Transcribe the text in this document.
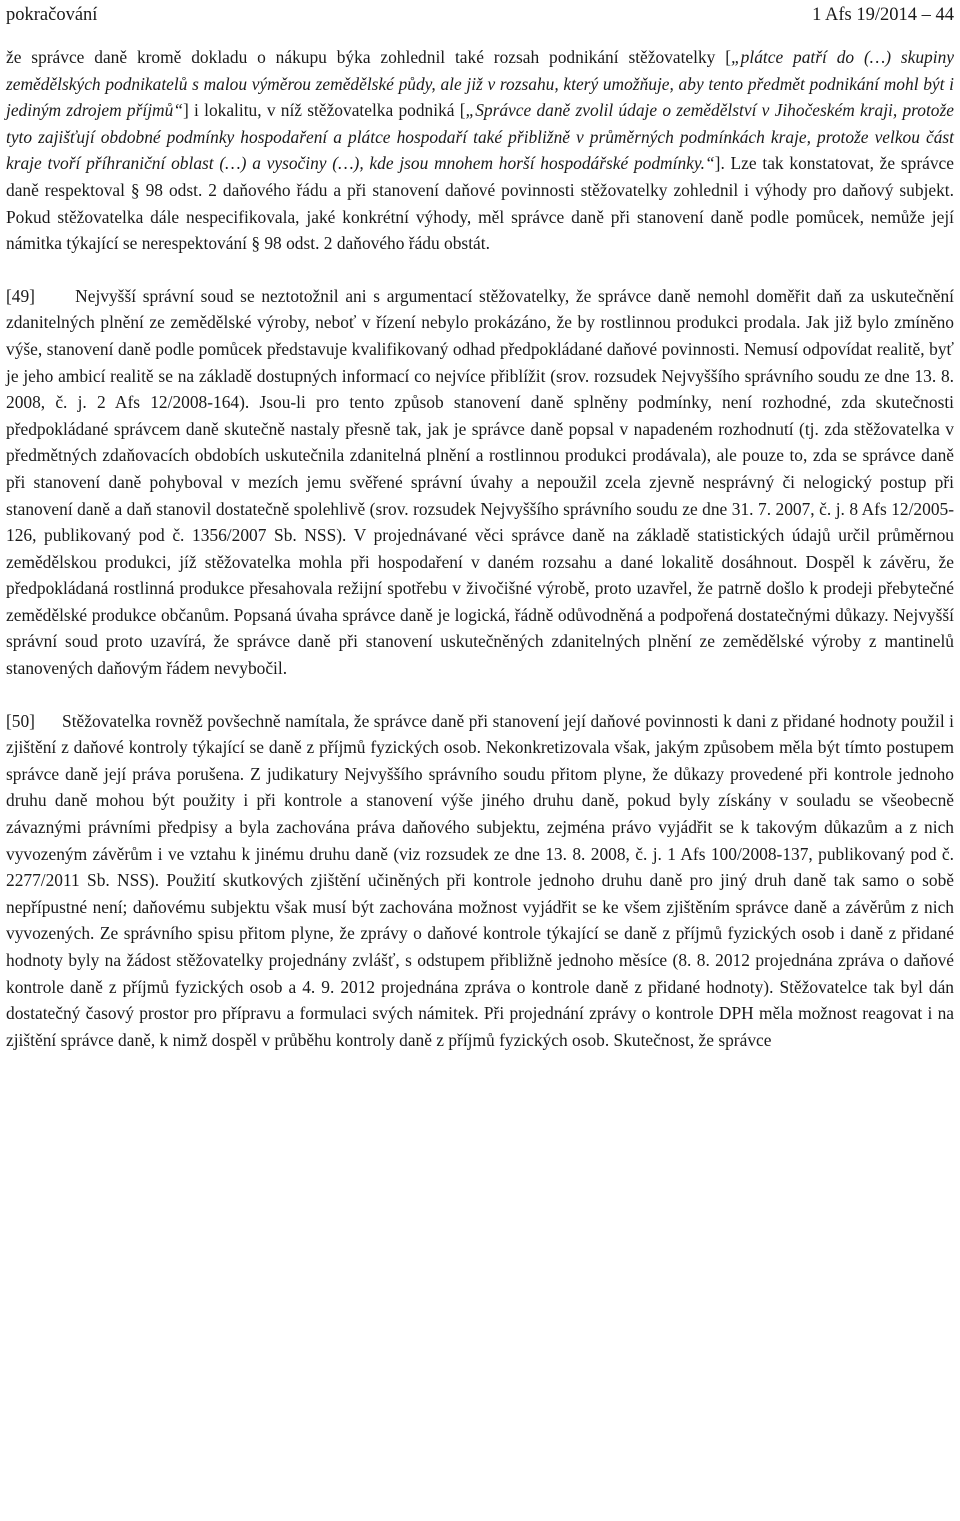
pokračování	1 Afs 19/2014 – 44

že správce daně kromě dokladu o nákupu býka zohlednil také rozsah podnikání stěžovatelky [„plátce patří do (…) skupiny zemědělských podnikatelů s malou výměrou zemědělské půdy, ale již v rozsahu, který umožňuje, aby tento předmět podnikání mohl být i jediným zdrojem příjmů“] i lokalitu, v níž stěžovatelka podniká [„Správce daně zvolil údaje o zemědělství v Jihočeském kraji, protože tyto zajišťují obdobné podmínky hospodaření a plátce hospodaří také přibližně v průměrných podmínkách kraje, protože velkou část kraje tvoří příhraniční oblast (…) a vysočiny (…), kde jsou mnohem horší hospodářské podmínky.“]. Lze tak konstatovat, že správce daně respektoval § 98 odst. 2 daňového řádu a při stanovení daňové povinnosti stěžovatelky zohlednil i výhody pro daňový subjekt. Pokud stěžovatelka dále nespecifikovala, jaké konkrétní výhody, měl správce daně při stanovení daně podle pomůcek, nemůže její námitka týkající se nerespektování § 98 odst. 2 daňového řádu obstát.

[49] Nejvyšší správní soud se neztotožnil ani s argumentací stěžovatelky, že správce daně nemohl doměřit daň za uskutečnění zdanitelných plnění ze zemědělské výroby, neboť v řízení nebylo prokázáno, že by rostlinnou produkci prodala. Jak již bylo zmíněno výše, stanovení daně podle pomůcek představuje kvalifikovaný odhad předpokládané daňové povinnosti. Nemusí odpovídat realitě, byť je jeho ambicí realitě se na základě dostupných informací co nejvíce přiblížit (srov. rozsudek Nejvyššího správního soudu ze dne 13. 8. 2008, č. j. 2 Afs 12/2008-164). Jsou-li pro tento způsob stanovení daně splněny podmínky, není rozhodné, zda skutečnosti předpokládané správcem daně skutečně nastaly přesně tak, jak je správce daně popsal v napadeném rozhodnutí (tj. zda stěžovatelka v předmětných zdaňovacích obdobích uskutečnila zdanitelná plnění a rostlinnou produkci prodávala), ale pouze to, zda se správce daně při stanovení daně pohyboval v mezích jemu svěřené správní úvahy a nepoužil zcela zjevně nesprávný či nelogický postup při stanovení daně a daň stanovil dostatečně spolehlivě (srov. rozsudek Nejvyššího správního soudu ze dne 31. 7. 2007, č. j. 8 Afs 12/2005-126, publikovaný pod č. 1356/2007 Sb. NSS). V projednávané věci správce daně na základě statistických údajů určil průměrnou zemědělskou produkci, jíž stěžovatelka mohla při hospodaření v daném rozsahu a dané lokalitě dosáhnout. Dospěl k závěru, že předpokládaná rostlinná produkce přesahovala režijní spotřebu v živočišné výrobě, proto uzavřel, že patrně došlo k prodeji přebytečné zemědělské produkce občanům. Popsaná úvaha správce daně je logická, řádně odůvodněná a podpořená dostatečnými důkazy. Nejvyšší správní soud proto uzavírá, že správce daně při stanovení uskutečněných zdanitelných plnění ze zemědělské výroby z mantinelů stanovených daňovým řádem nevybočil.

[50] Stěžovatelka rovněž povšechně namítala, že správce daně při stanovení její daňové povinnosti k dani z přidané hodnoty použil i zjištění z daňové kontroly týkající se daně z příjmů fyzických osob. Nekonkretizovala však, jakým způsobem měla být tímto postupem správce daně její práva porušena. Z judikatury Nejvyššího správního soudu přitom plyne, že důkazy provedené při kontrole jednoho druhu daně mohou být použity i při kontrole a stanovení výše jiného druhu daně, pokud byly získány v souladu se všeobecně závaznými právními předpisy a byla zachována práva daňového subjektu, zejména právo vyjádřit se k takovým důkazům a z nich vyvozeným závěrům i ve vztahu k jinému druhu daně (viz rozsudek ze dne 13. 8. 2008, č. j. 1 Afs 100/2008-137, publikovaný pod č. 2277/2011 Sb. NSS). Použití skutkových zjištění učiněných při kontrole jednoho druhu daně pro jiný druh daně tak samo o sobě nepřípustné není; daňovému subjektu však musí být zachována možnost vyjádřit se ke všem zjištěním správce daně a závěrům z nich vyvozených. Ze správního spisu přitom plyne, že zprávy o daňové kontrole týkající se daně z příjmů fyzických osob i daně z přidané hodnoty byly na žádost stěžovatelky projednány zvlášť, s odstupem přibližně jednoho měsíce (8. 8. 2012 projednána zpráva o daňové kontrole daně z příjmů fyzických osob a 4. 9. 2012 projednána zpráva o kontrole daně z přidané hodnoty). Stěžovatelce tak byl dán dostatečný časový prostor pro přípravu a formulaci svých námitek. Při projednání zprávy o kontrole DPH měla možnost reagovat i na zjištění správce daně, k nimž dospěl v průběhu kontroly daně z příjmů fyzických osob. Skutečnost, že správce
